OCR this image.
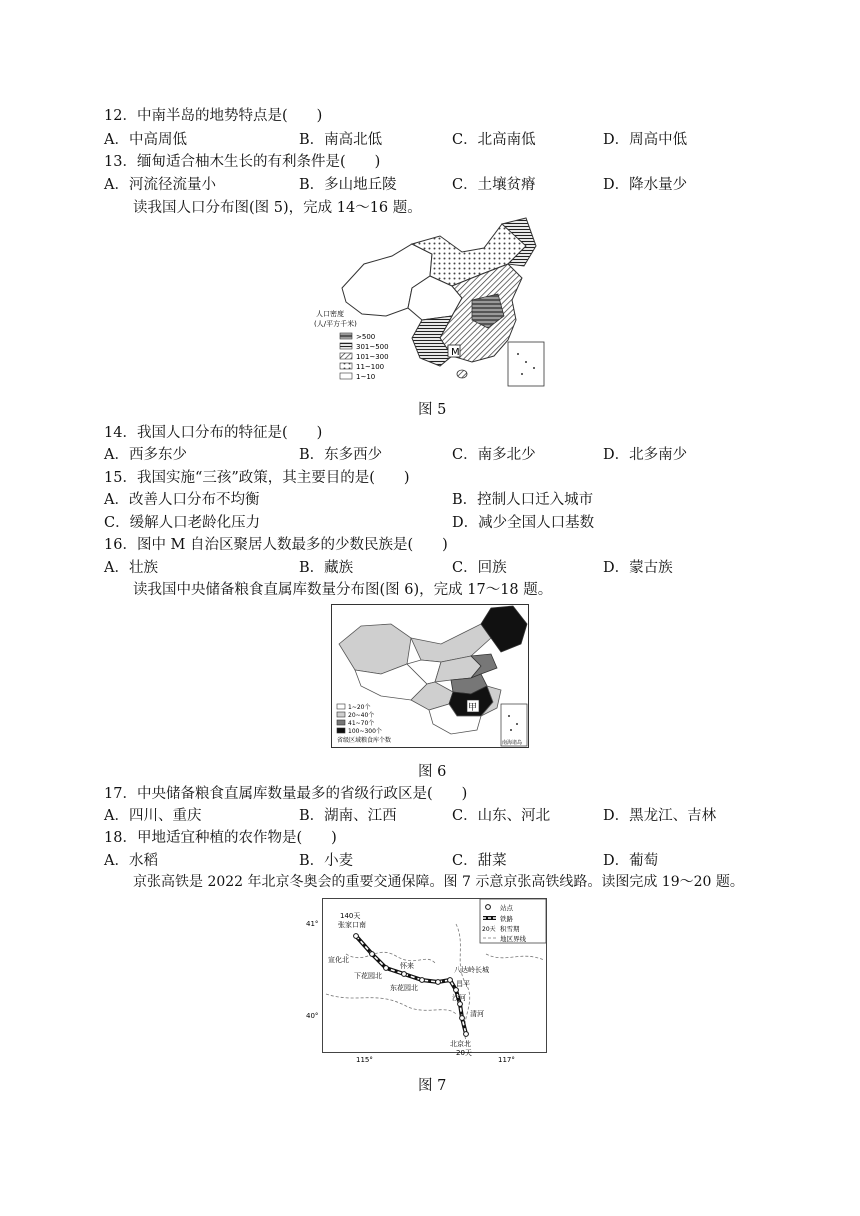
12．中南半岛的地势特点是(　　)
A．中高周低	B．南高北低	C．北高南低	D．周高中低
13．缅甸适合柚木生长的有利条件是(　　)
A．河流径流量小	B．多山地丘陵	C．土壤贫瘠	D．降水量少
读我国人口分布图(图 5)，完成 14～16 题。
M
人口密度
(人/平方千米)
>500
301~500
101~300
11~100
1~10
图 5
14．我国人口分布的特征是(　　)
A．西多东少	B．东多西少	C．南多北少	D．北多南少
15．我国实施“三孩”政策，其主要目的是(　　)
A．改善人口分布不均衡	B．控制人口迁入城市
C．缓解人口老龄化压力	D．减少全国人口基数
16．图中 M 自治区聚居人数最多的少数民族是(　　)
A．壮族	B．藏族	C．回族	D．蒙古族
读我国中央储备粮食直属库数量分布图(图 6)，完成 17～18 题。
甲
1~20个
20~40个
41~70个
100~300个
省级区域粮食库个数	南海诸岛
图 6
17．中央储备粮食直属库数量最多的省级行政区是(　　)
A．四川、重庆	B．湖南、江西	C．山东、河北	D．黑龙江、吉林
18．甲地适宜种植的农作物是(　　)
A．水稻	B．小麦	C．甜菜	D．葡萄
京张高铁是 2022 年北京冬奥会的重要交通保障。图 7 示意京张高铁线路。读图完成 19～20 题。
41°
40°
115°	117°
140天
张家口南
宣化北
下花园北
怀来
东花园北
八达岭长城
昌平
沙河
清河
北京北
20天
站点
铁路
20天 积雪期
地区界线
图 7
